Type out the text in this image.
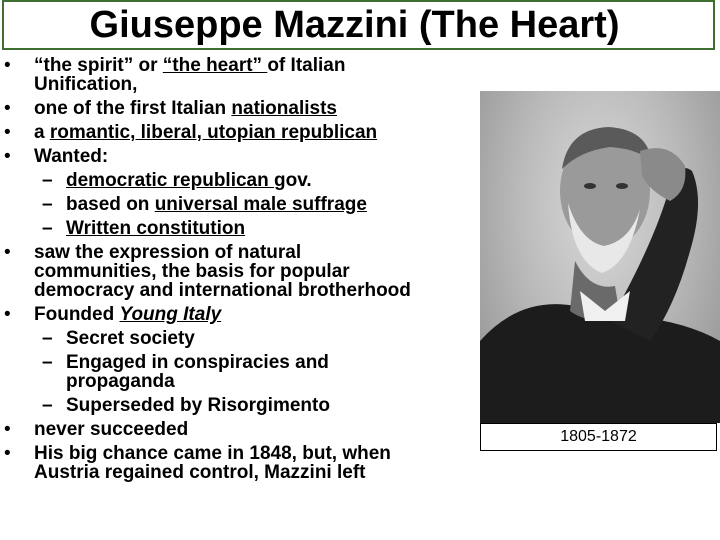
Giuseppe Mazzini (The Heart)
• “the spirit” or “the heart” of Italian
Unification,
• one of the first Italian nationalists
• a romantic, liberal, utopian republican
• Wanted:
– democratic republican gov.
– based on universal male suffrage
– Written constitution
• saw the expression of natural
communities, the basis for popular
democracy and international brotherhood
• Founded Young Italy
– Secret society
– Engaged in conspiracies and
propaganda
– Superseded by Risorgimento
• never succeeded
• His big chance came in 1848, but, when
Austria regained control, Mazzini left
1805-1872
